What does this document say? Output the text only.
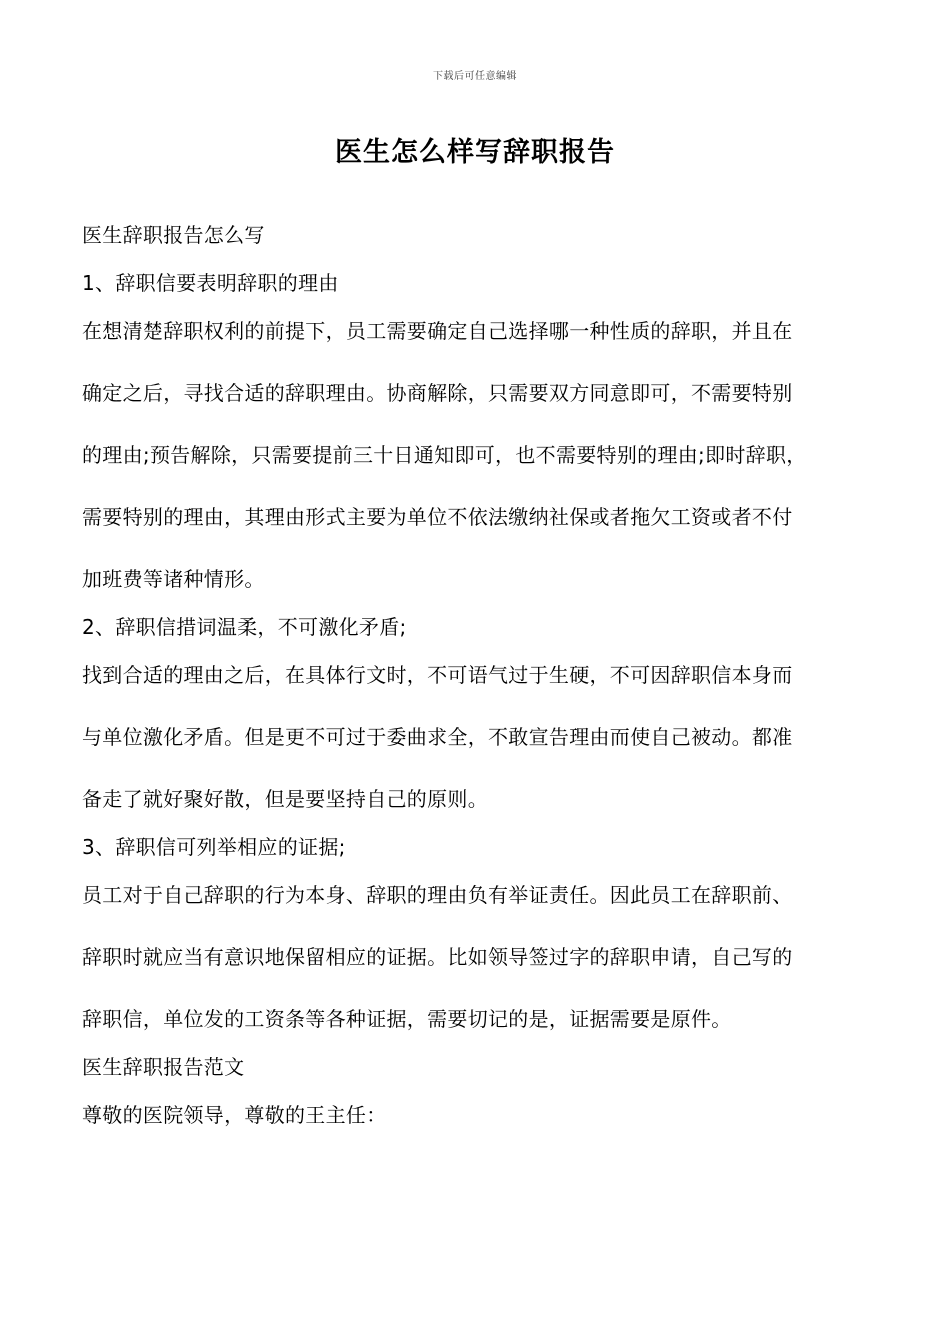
下载后可任意编辑
医生怎么样写辞职报告
医生辞职报告怎么写
1、辞职信要表明辞职的理由
在想清楚辞职权利的前提下，员工需要确定自己选择哪一种性质的辞职，并且在
确定之后，寻找合适的辞职理由。协商解除，只需要双方同意即可，不需要特别
的理由;预告解除，只需要提前三十日通知即可，也不需要特别的理由;即时辞职，
需要特别的理由，其理由形式主要为单位不依法缴纳社保或者拖欠工资或者不付
加班费等诸种情形。
2、辞职信措词温柔，不可激化矛盾;
找到合适的理由之后，在具体行文时，不可语气过于生硬，不可因辞职信本身而
与单位激化矛盾。但是更不可过于委曲求全，不敢宣告理由而使自己被动。都准
备走了就好聚好散，但是要坚持自己的原则。
3、辞职信可列举相应的证据;
员工对于自己辞职的行为本身、辞职的理由负有举证责任。因此员工在辞职前、
辞职时就应当有意识地保留相应的证据。比如领导签过字的辞职申请，自己写的
辞职信，单位发的工资条等各种证据，需要切记的是，证据需要是原件。
医生辞职报告范文
尊敬的医院领导，尊敬的王主任：
